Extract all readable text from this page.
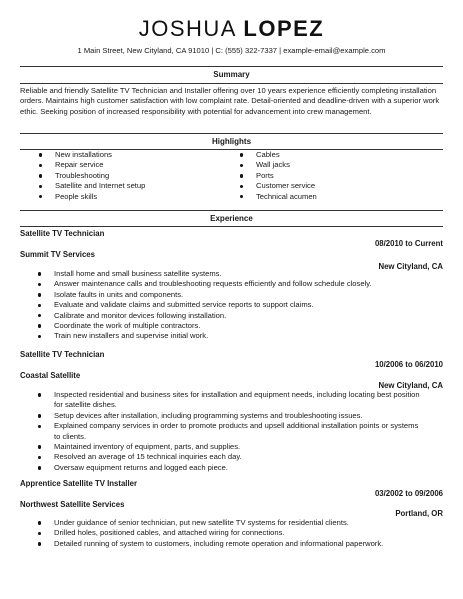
JOSHUA LOPEZ
1 Main Street, New Cityland, CA 91010 | C: (555) 322-7337 | example-email@example.com
Summary

Reliable and friendly Satellite TV Technician and Installer offering over 10 years experience efficiently completing installation orders. Maintains high customer satisfaction with low complaint rate. Detail-oriented and deadline-driven with a superior work ethic. Seeking position of increased responsibility with potential for advancement into crew management.

Highlights
New installations
Repair service
Troubleshooting
Satellite and Internet setup
People skills
Cables
Wall jacks
Ports
Customer service
Technical acumen
Experience
Satellite TV Technician
08/2010 to Current
Summit TV Services
New Cityland, CA
Install home and small business satellite systems.
Answer maintenance calls and troubleshooting requests efficiently and follow schedule closely.
Isolate faults in units and components.
Evaluate and validate claims and submitted service reports to support claims.
Calibrate and monitor devices following installation.
Coordinate the work of multiple contractors.
Train new installers and supervise initial work.
Satellite TV Technician
10/2006 to 06/2010
Coastal Satellite
New Cityland, CA
Inspected residential and business sites for installation and equipment needs, including locating best position for satellite dishes.
Setup devices after installation, including programming systems and troubleshooting issues.
Explained company services in order to promote products and upsell additional installation points or systems to clients.
Maintained inventory of equipment, parts, and supplies.
Resolved an average of 15 technical inquiries each day.
Oversaw equipment returns and logged each piece.
Apprentice Satellite TV Installer
03/2002 to 09/2006
Northwest Satellite Services
Portland, OR
Under guidance of senior technician, put new satellite TV systems for residential clients.
Drilled holes, positioned cables, and attached wiring for connections.
Detailed running of system to customers, including remote operation and informational paperwork.
